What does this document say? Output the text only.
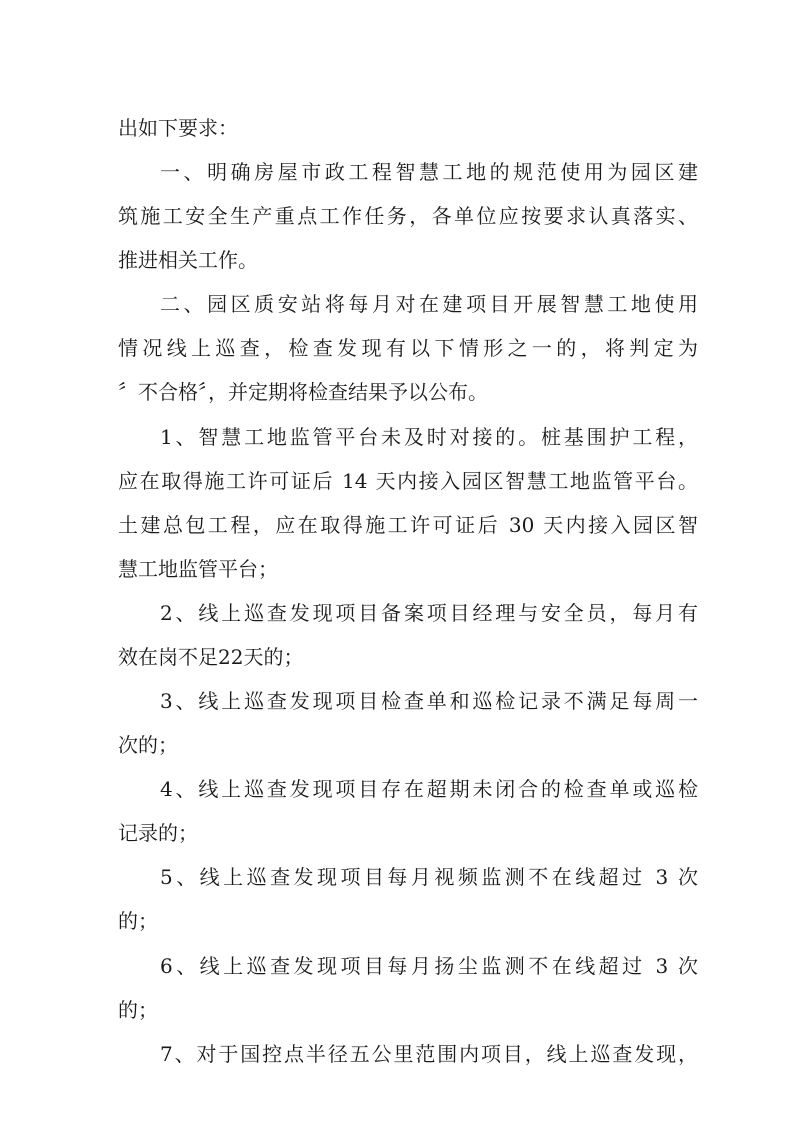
出如下要求：
一、明确房屋市政工程智慧工地的规范使用为园区建
筑施工安全生产重点工作任务，各单位应按要求认真落实、
推进相关工作。
二、园区质安站将每月对在建项目开展智慧工地使用
情况线上巡查，检查发现有以下情形之一的，将判定为
〞不合格〞，并定期将检查结果予以公布。
1、智慧工地监管平台未及时对接的。桩基围护工程，
应在取得施工许可证后 14 天内接入园区智慧工地监管平台。
土建总包工程，应在取得施工许可证后 30 天内接入园区智
慧工地监管平台；
2、线上巡查发现项目备案项目经理与安全员，每月有
效在岗不足22天的；
3、线上巡查发现项目检查单和巡检记录不满足每周一
次的；
4、线上巡查发现项目存在超期未闭合的检查单或巡检
记录的；
5、线上巡查发现项目每月视频监测不在线超过 3 次
的；
6、线上巡查发现项目每月扬尘监测不在线超过 3 次
的；
7、对于国控点半径五公里范围内项目，线上巡查发现，
